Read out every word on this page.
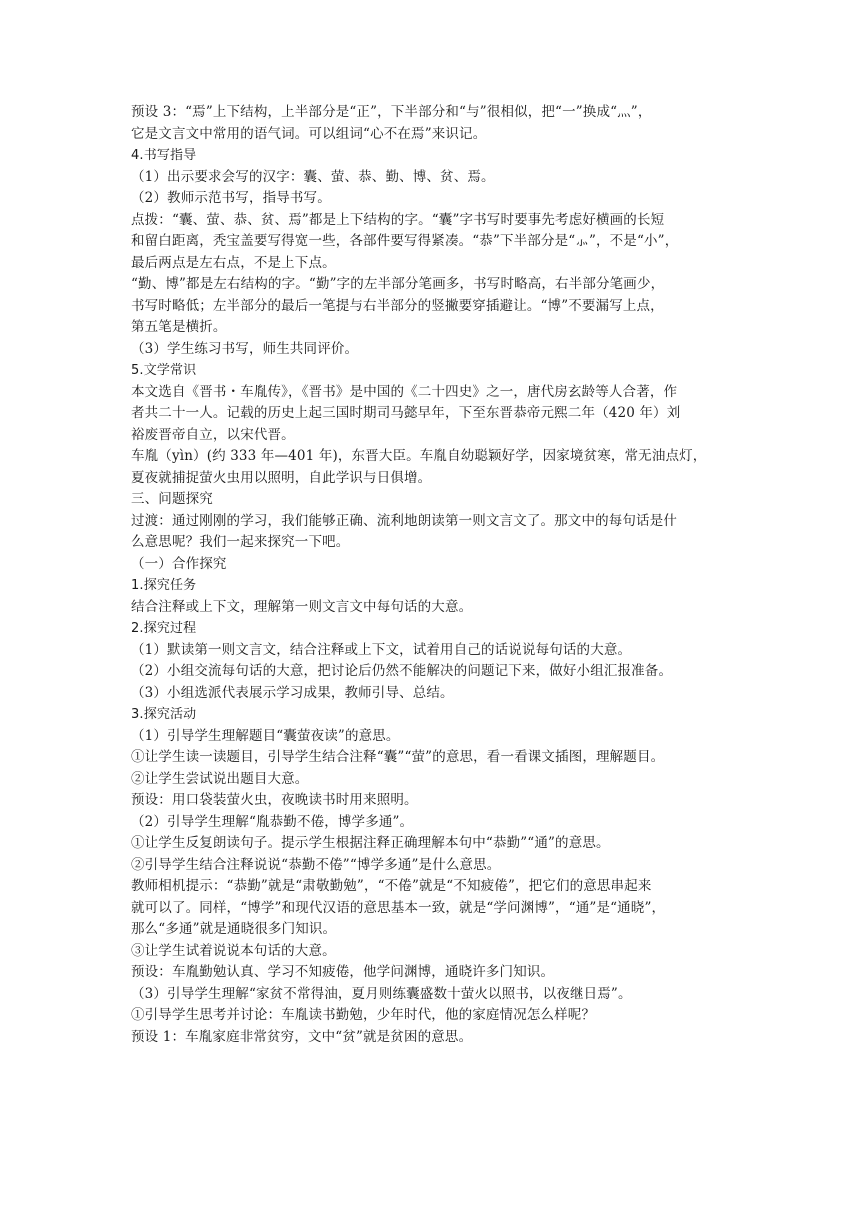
预设 3：“焉”上下结构，上半部分是“正”，下半部分和“与”很相似，把“一”换成“灬”，
它是文言文中常用的语气词。可以组词“心不在焉”来识记。
4.书写指导
（1）出示要求会写的汉字：囊、萤、恭、勤、博、贫、焉。
（2）教师示范书写，指导书写。
点拨：“囊、萤、恭、贫、焉”都是上下结构的字。“囊”字书写时要事先考虑好横画的长短
和留白距离，秃宝盖要写得宽一些，各部件要写得紧凑。“恭”下半部分是“⺗”，不是“小”，
最后两点是左右点，不是上下点。
“勤、博”都是左右结构的字。“勤”字的左半部分笔画多，书写时略高，右半部分笔画少，
书写时略低；左半部分的最后一笔提与右半部分的竖撇要穿插避让。“博”不要漏写上点，
第五笔是横折。
（3）学生练习书写，师生共同评价。
5.文学常识
本文选自《晋书・车胤传》，《晋书》是中国的《二十四史》之一，唐代房玄龄等人合著，作
者共二十一人。记载的历史上起三国时期司马懿早年，下至东晋恭帝元熙二年（420 年）刘
裕废晋帝自立，以宋代晋。
车胤（yìn）(约 333 年—401 年)，东晋大臣。车胤自幼聪颖好学，因家境贫寒，常无油点灯，
夏夜就捕捉萤火虫用以照明，自此学识与日俱增。
三、问题探究
过渡：通过刚刚的学习，我们能够正确、流利地朗读第一则文言文了。那文中的每句话是什
么意思呢？我们一起来探究一下吧。
（一）合作探究
1.探究任务
结合注释或上下文，理解第一则文言文中每句话的大意。
2.探究过程
（1）默读第一则文言文，结合注释或上下文，试着用自己的话说说每句话的大意。
（2）小组交流每句话的大意，把讨论后仍然不能解决的问题记下来，做好小组汇报准备。
（3）小组选派代表展示学习成果，教师引导、总结。
3.探究活动
（1）引导学生理解题目“囊萤夜读”的意思。
①让学生读一读题目，引导学生结合注释“囊”“萤”的意思，看一看课文插图，理解题目。
②让学生尝试说出题目大意。
预设：用口袋装萤火虫，夜晚读书时用来照明。
（2）引导学生理解“胤恭勤不倦，博学多通”。
①让学生反复朗读句子。提示学生根据注释正确理解本句中“恭勤”“通”的意思。
②引导学生结合注释说说“恭勤不倦”“博学多通”是什么意思。
教师相机提示：“恭勤”就是“肃敬勤勉”，“不倦”就是“不知疲倦”，把它们的意思串起来
就可以了。同样，“博学”和现代汉语的意思基本一致，就是“学问渊博”，“通”是“通晓”，
那么“多通”就是通晓很多门知识。
③让学生试着说说本句话的大意。
预设：车胤勤勉认真、学习不知疲倦，他学问渊博，通晓许多门知识。
（3）引导学生理解“家贫不常得油，夏月则练囊盛数十萤火以照书，以夜继日焉”。
①引导学生思考并讨论：车胤读书勤勉，少年时代，他的家庭情况怎么样呢？
预设 1：车胤家庭非常贫穷，文中“贫”就是贫困的意思。
